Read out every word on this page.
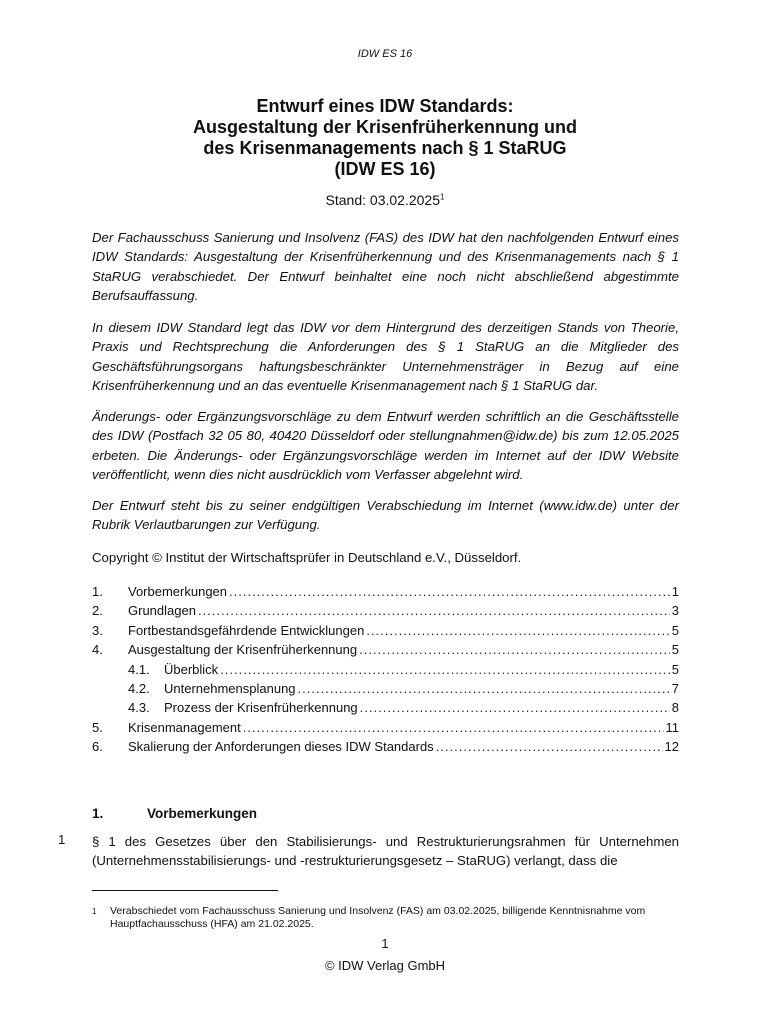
IDW ES 16
Entwurf eines IDW Standards:
Ausgestaltung der Krisenfrüherkennung und
des Krisenmanagements nach § 1 StaRUG
(IDW ES 16)
Stand: 03.02.2025$^1$
Der Fachausschuss Sanierung und Insolvenz (FAS) des IDW hat den nachfolgenden Entwurf eines IDW Standards: Ausgestaltung der Krisenfrüherkennung und des Krisenmanagements nach § 1 StaRUG verabschiedet. Der Entwurf beinhaltet eine noch nicht abschließend abgestimmte Berufsauffassung.
In diesem IDW Standard legt das IDW vor dem Hintergrund des derzeitigen Stands von Theorie, Praxis und Rechtsprechung die Anforderungen des § 1 StaRUG an die Mitglieder des Geschäftsführungsorgans haftungsbeschränkter Unternehmensträger in Bezug auf eine Krisenfrüherkennung und an das eventuelle Krisenmanagement nach § 1 StaRUG dar.
Änderungs- oder Ergänzungsvorschläge zu dem Entwurf werden schriftlich an die Geschäftsstelle des IDW (Postfach 32 05 80, 40420 Düsseldorf oder stellungnahmen@idw.de) bis zum 12.05.2025 erbeten. Die Änderungs- oder Ergänzungsvorschläge werden im Internet auf der IDW Website veröffentlicht, wenn dies nicht ausdrücklich vom Verfasser abgelehnt wird.
Der Entwurf steht bis zu seiner endgültigen Verabschiedung im Internet (www.idw.de) unter der Rubrik Verlautbarungen zur Verfügung.
Copyright © Institut der Wirtschaftsprüfer in Deutschland e.V., Düsseldorf.
1.	Vorbemerkungen .....	1
2.	Grundlagen .....	3
3.	Fortbestandsgefährdende Entwicklungen .....	5
4.	Ausgestaltung der Krisenfrüherkennung .....	5
4.1.	Überblick .....	5
4.2.	Unternehmensplanung .....	7
4.3.	Prozess der Krisenfrüherkennung .....	8
5.	Krisenmanagement .....	11
6.	Skalierung der Anforderungen dieses IDW Standards .....	12
1.	Vorbemerkungen
1 § 1 des Gesetzes über den Stabilisierungs- und Restrukturierungsrahmen für Unternehmen (Unternehmensstabilisierungs- und -restrukturierungsgesetz – StaRUG) verlangt, dass die
1 Verabschiedet vom Fachausschuss Sanierung und Insolvenz (FAS) am 03.02.2025, billigende Kenntnisnahme vom Hauptfachausschuss (HFA) am 21.02.2025.
1
© IDW Verlag GmbH
